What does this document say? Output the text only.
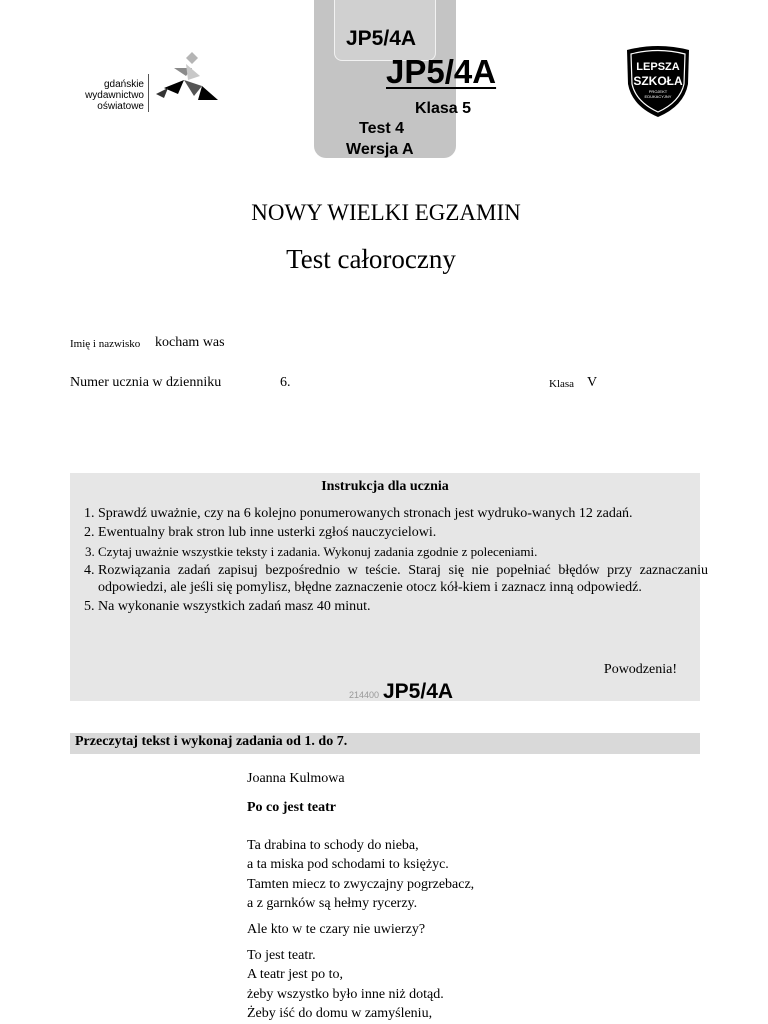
JP5/4A
JP5/4A
Klasa 5
Test 4
Wersja A
gdańskie
wydawnictwo
oświatowe
LEPSZA
SZKOŁA
PROJEKT
EDUKACYJNY
NOWY WIELKI EGZAMIN
Test całoroczny
Imię i nazwisko kocham was
Numer ucznia w dzienniku	6.	Klasa V
Instrukcja dla ucznia
1. Sprawdź uważnie, czy na 6 kolejno ponumerowanych stronach jest wydruko-wanych 12 zadań.
2. Ewentualny brak stron lub inne usterki zgłoś nauczycielowi.
3. Czytaj uważnie wszystkie teksty i zadania. Wykonuj zadania zgodnie z poleceniami.
4. Rozwiązania zadań zapisuj bezpośrednio w teście. Staraj się nie popełniać błędów przy zaznaczaniu odpowiedzi, ale jeśli się pomylisz, błędne zaznaczenie otocz kół-kiem i zaznacz inną odpowiedź.
5. Na wykonanie wszystkich zadań masz 40 minut.
Powodzenia!
214400 JP5/4A
Przeczytaj tekst i wykonaj zadania od 1. do 7.
Joanna Kulmowa
Po co jest teatr
Ta drabina to schody do nieba,
a ta miska pod schodami to księżyc.
Tamten miecz to zwyczajny pogrzebacz,
a z garnków są hełmy rycerzy.
Ale kto w te czary nie uwierzy?
To jest teatr.
A teatr jest po to,
żeby wszystko było inne niż dotąd.
Żeby iść do domu w zamyśleniu,
